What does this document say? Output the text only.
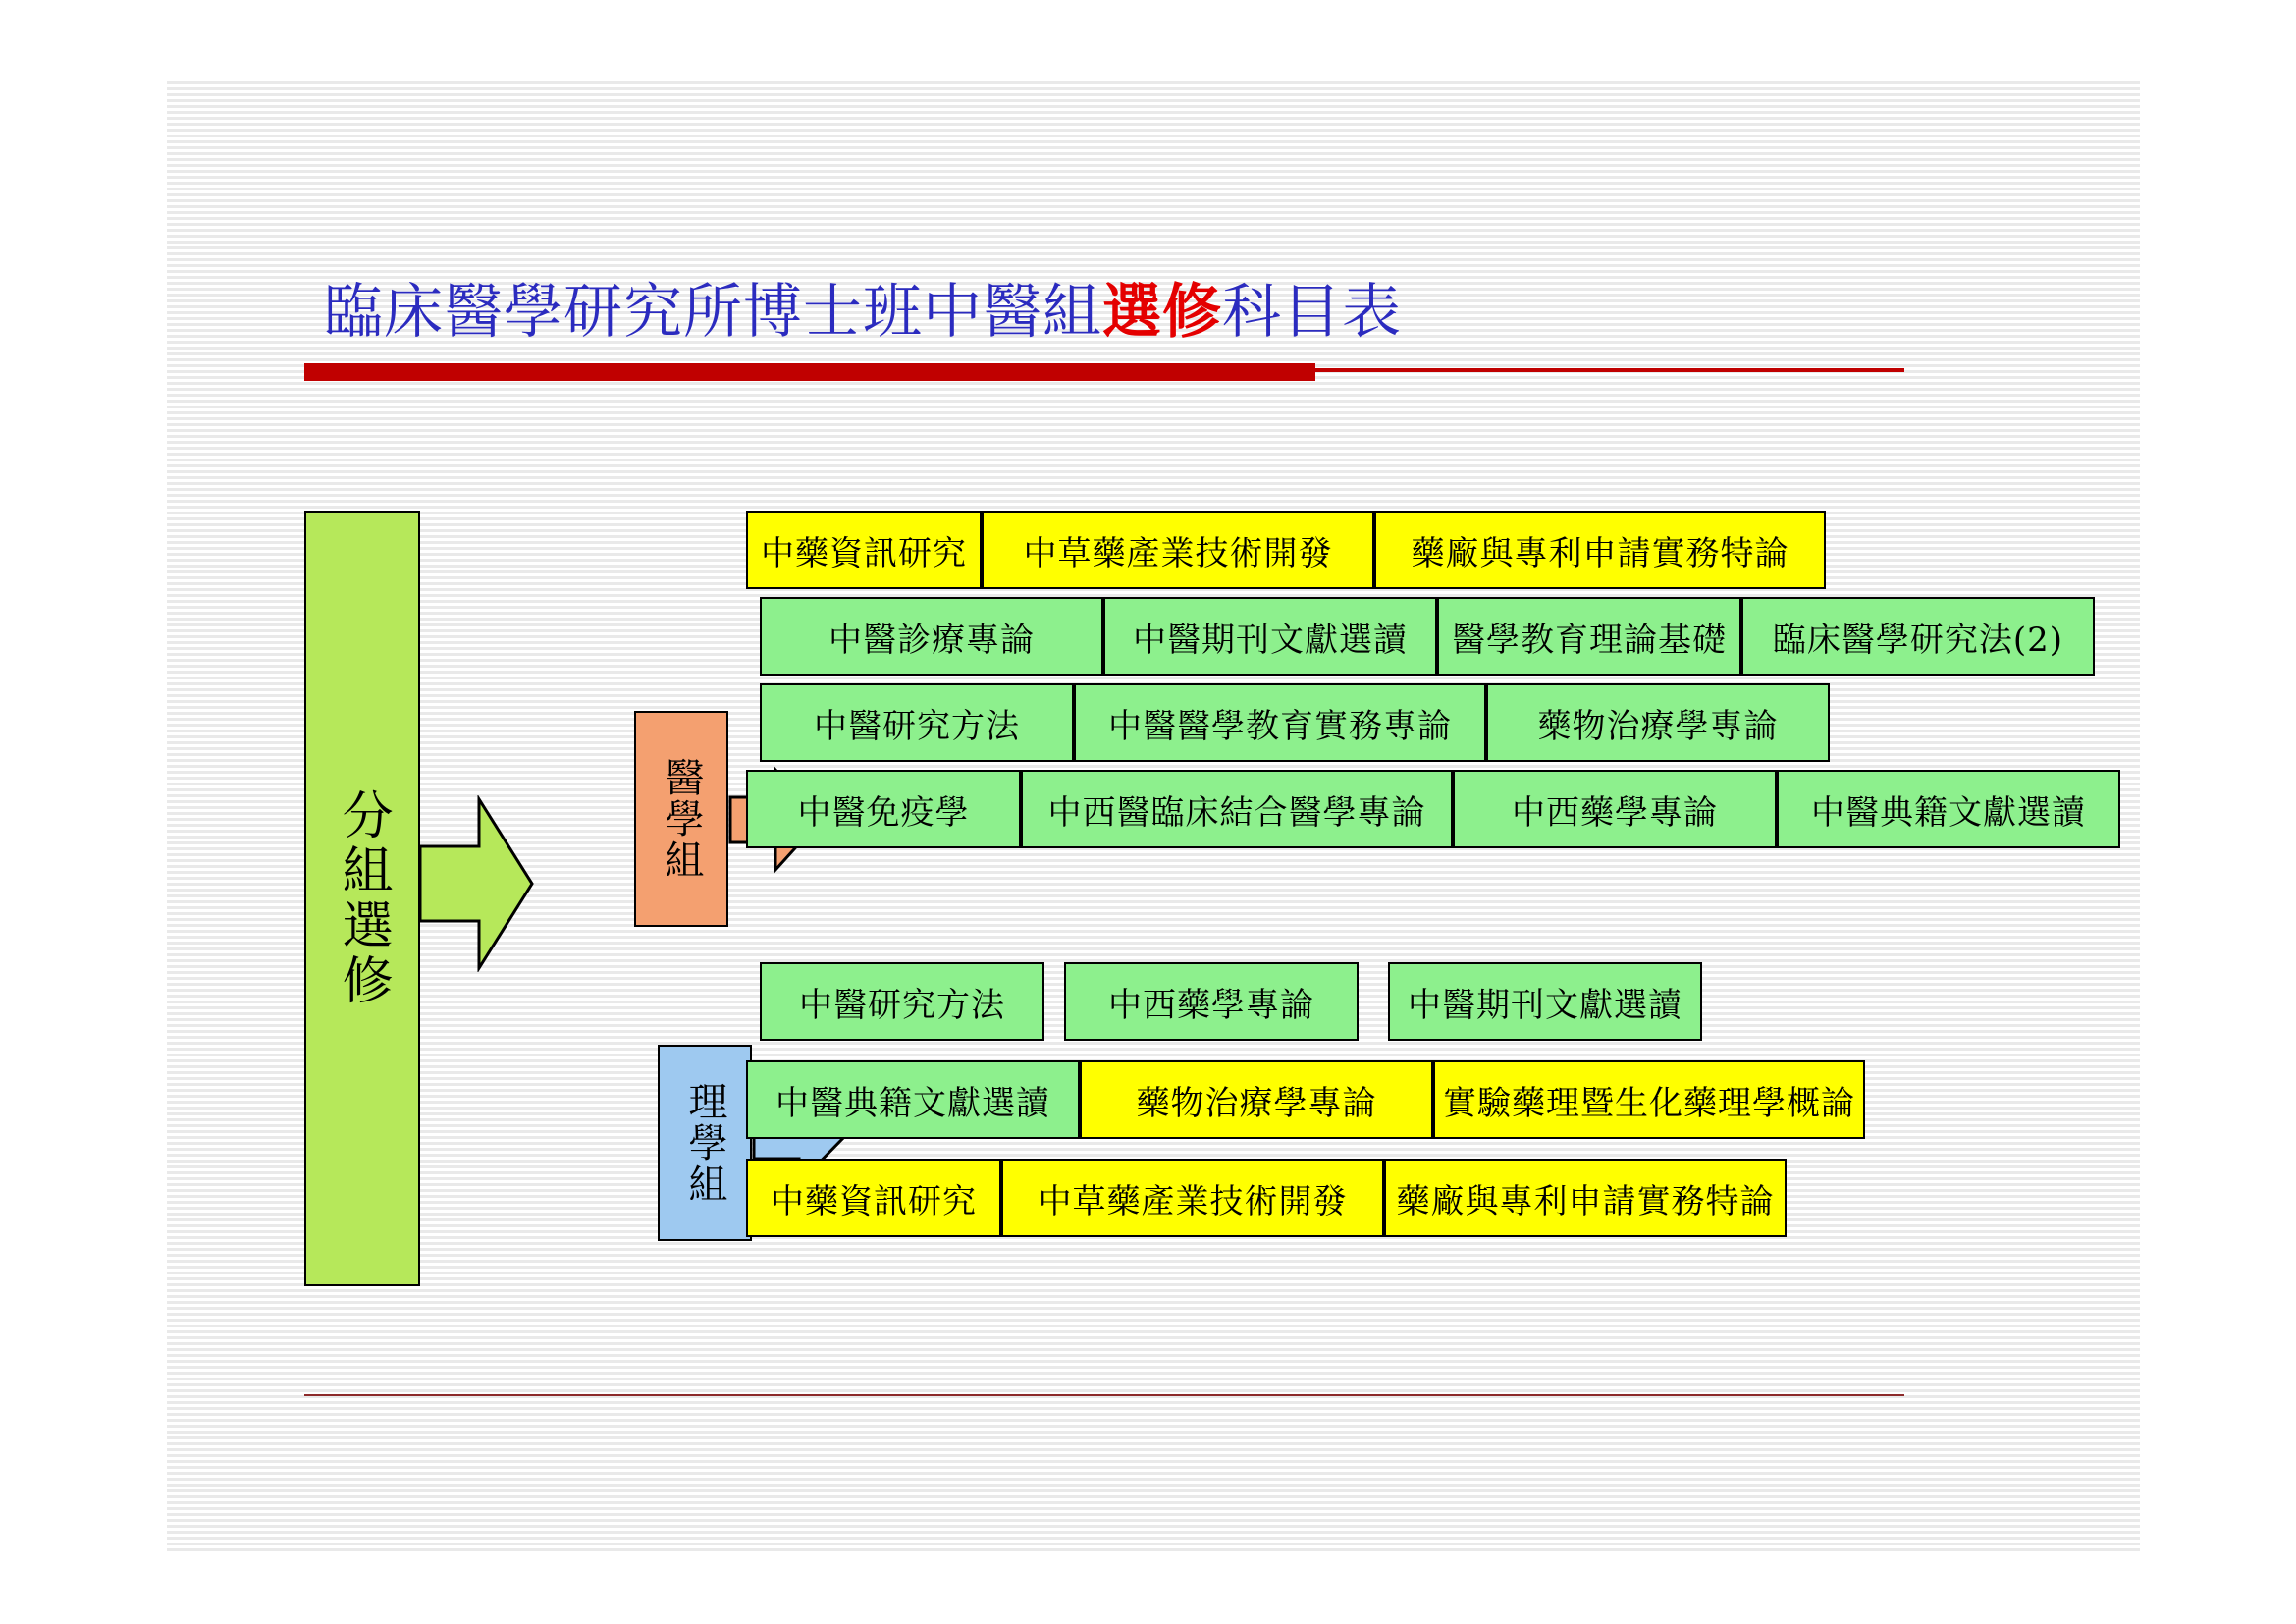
臨床醫學研究所博士班中醫組選修科目表
分組選修	醫學組
理學組
中藥資訊研究	中草藥產業技術開發	藥廠與專利申請實務特論
中醫診療專論	中醫期刊文獻選讀	醫學教育理論基礎	臨床醫學研究法(2)
中醫研究方法	中醫醫學教育實務專論	藥物治療學專論
中醫免疫學	中西醫臨床結合醫學專論	中西藥學專論	中醫典籍文獻選讀
中醫研究方法	中西藥學專論	中醫期刊文獻選讀
中醫典籍文獻選讀	藥物治療學專論	實驗藥理暨生化藥理學概論
中藥資訊研究	中草藥產業技術開發	藥廠與專利申請實務特論
